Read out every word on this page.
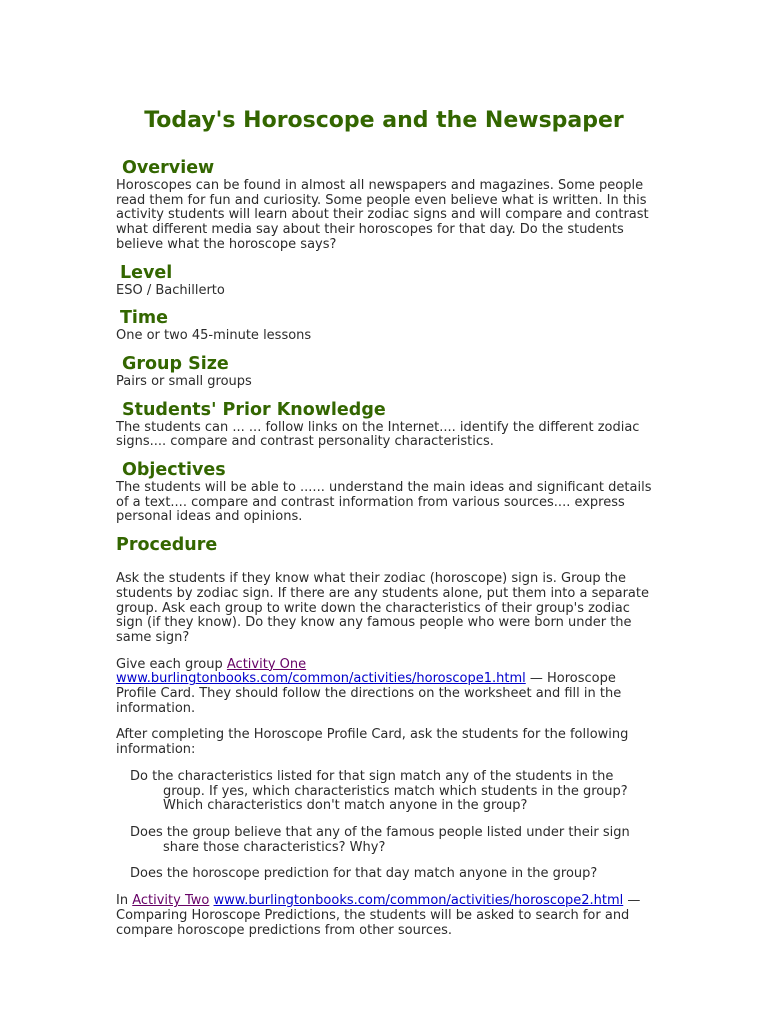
Today's Horoscope and the Newspaper
Overview

Horoscopes can be found in almost all newspapers and magazines. Some people read them for fun and curiosity. Some people even believe what is written. In this activity students will learn about their zodiac signs and will compare and contrast what different media say about their horoscopes for that day. Do the students believe what the horoscope says?

Level

ESO / Bachillerto

Time

One or two 45-minute lessons

Group Size

Pairs or small groups

Students' Prior Knowledge

The students can ... ... follow links on the Internet.... identify the different zodiac signs.... compare and contrast personality characteristics.

Objectives

The students will be able to ...... understand the main ideas and significant details of a text.... compare and contrast information from various sources.... express personal ideas and opinions.

Procedure

Ask the students if they know what their zodiac (horoscope) sign is. Group the students by zodiac sign. If there are any students alone, put them into a separate group. Ask each group to write down the characteristics of their group's zodiac sign (if they know). Do they know any famous people who were born under the same sign?

Give each group Activity One
www.burlingtonbooks.com/common/activities/horoscope1.html — Horoscope Profile Card. They should follow the directions on the worksheet and fill in the information.

After completing the Horoscope Profile Card, ask the students for the following information:

Do the characteristics listed for that sign match any of the students in the group. If yes, which characteristics match which students in the group? Which characteristics don't match anyone in the group?

Does the group believe that any of the famous people listed under their sign share those characteristics? Why?

Does the horoscope prediction for that day match anyone in the group?

In Activity Two www.burlingtonbooks.com/common/activities/horoscope2.html — Comparing Horoscope Predictions, the students will be asked to search for and compare horoscope predictions from other sources.
